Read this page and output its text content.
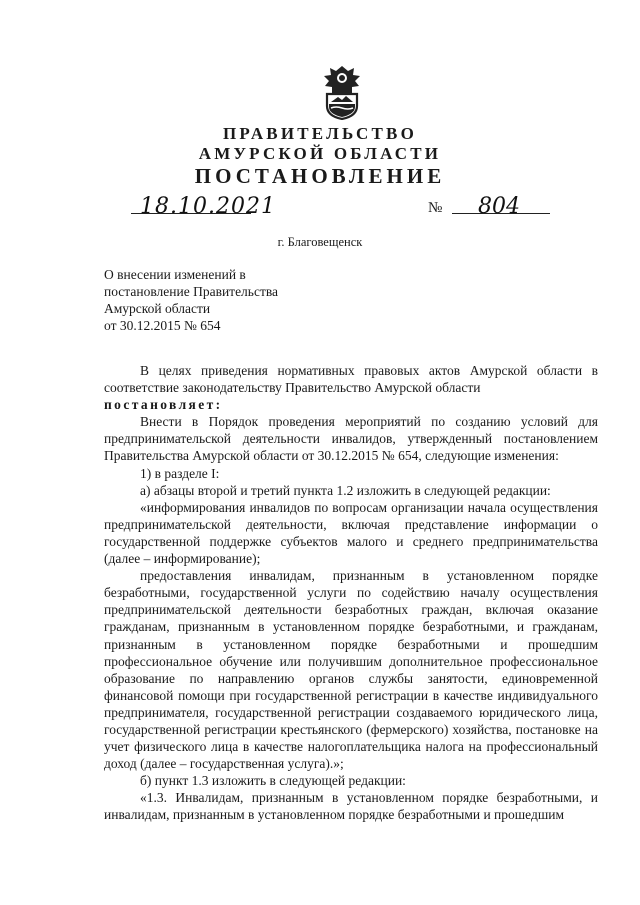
ПРАВИТЕЛЬСТВО
АМУРСКОЙ ОБЛАСТИ
ПОСТАНОВЛЕНИЕ
18.10.2021	№ 804
г. Благовещенск
О внесении изменений в
постановление Правительства
Амурской области
от 30.12.2015 № 654

В целях приведения нормативных правовых актов Амурской области в соответствие законодательству Правительство Амурской области

постановляет:

Внести в Порядок проведения мероприятий по созданию условий для предпринимательской деятельности инвалидов, утвержденный постановлением Правительства Амурской области от 30.12.2015 № 654, следующие изменения:

1) в разделе I:

а) абзацы второй и третий пункта 1.2 изложить в следующей редакции:

«информирования инвалидов по вопросам организации начала осуществления предпринимательской деятельности, включая представление информации о государственной поддержке субъектов малого и среднего предпринимательства (далее – информирование);

предоставления инвалидам, признанным в установленном порядке безработными, государственной услуги по содействию началу осуществления предпринимательской деятельности безработных граждан, включая оказание гражданам, признанным в установленном порядке безработными, и гражданам, признанным в установленном порядке безработными и прошедшим профессиональное обучение или получившим дополнительное профессиональное образование по направлению органов службы занятости, единовременной финансовой помощи при государственной регистрации в качестве индивидуального предпринимателя, государственной регистрации создаваемого юридического лица, государственной регистрации крестьянского (фермерского) хозяйства, постановке на учет физического лица в качестве налогоплательщика налога на профессиональный доход (далее – государственная услуга).»;

б) пункт 1.3 изложить в следующей редакции:

«1.3. Инвалидам, признанным в установленном порядке безработными, и инвалидам, признанным в установленном порядке безработными и прошедшим
